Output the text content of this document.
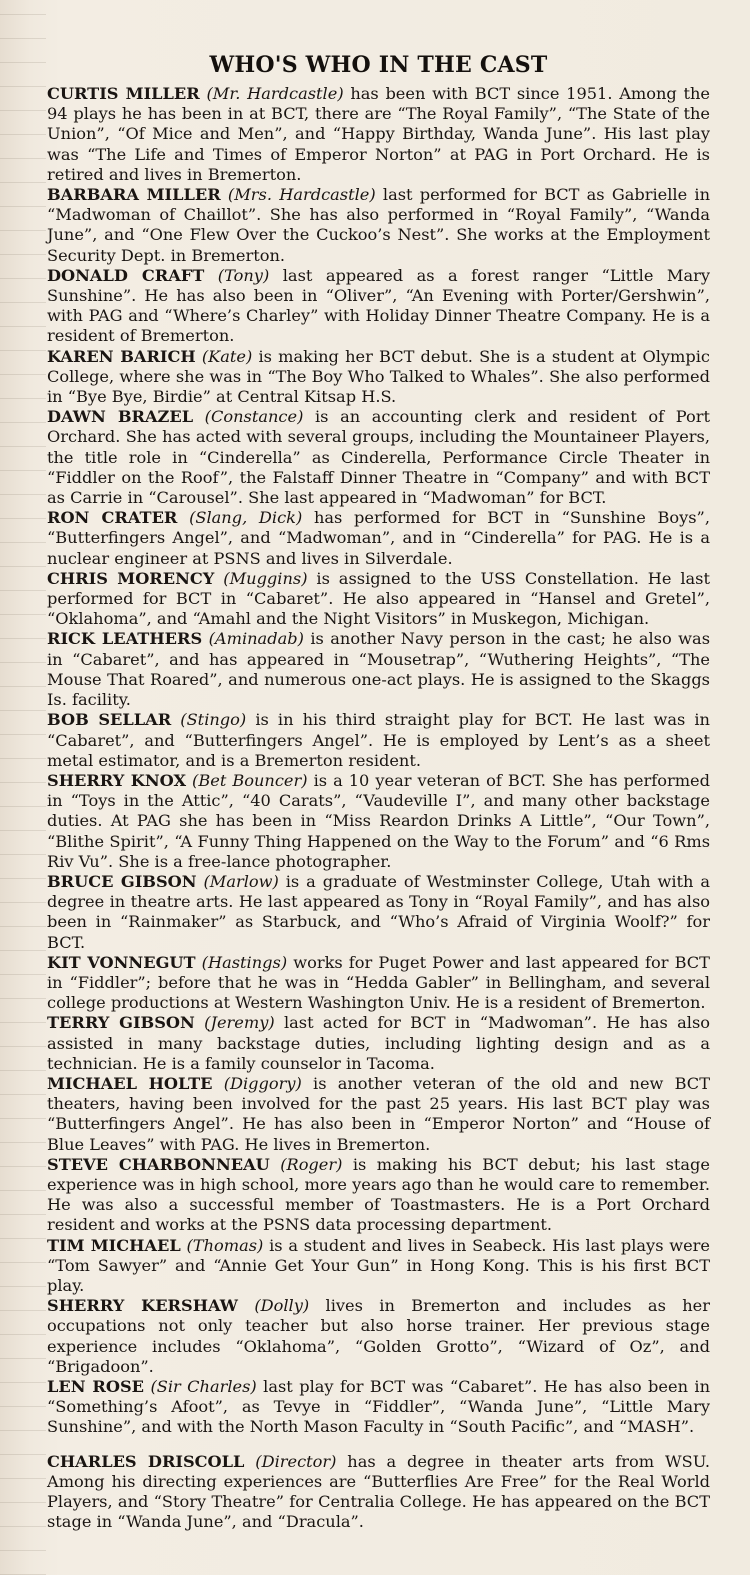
WHO'S WHO IN THE CAST

CURTIS MILLER (Mr. Hardcastle) has been with BCT since 1951. Among the 94 plays he has been in at BCT, there are “The Royal Family”, “The State of the Union”, “Of Mice and Men”, and “Happy Birthday, Wanda June”. His last play was “The Life and Times of Emperor Norton” at PAG in Port Orchard. He is retired and lives in Bremerton.

BARBARA MILLER (Mrs. Hardcastle) last performed for BCT as Gabrielle in “Madwoman of Chaillot”. She has also performed in “Royal Family”, “Wanda June”, and “One Flew Over the Cuckoo’s Nest”. She works at the Employment Security Dept. in Bremerton.

DONALD CRAFT (Tony) last appeared as a forest ranger “Little Mary Sunshine”. He has also been in “Oliver”, “An Evening with Porter/Gershwin”, with PAG and “Where’s Charley” with Holiday Dinner Theatre Company. He is a resident of Bremerton.

KAREN BARICH (Kate) is making her BCT debut. She is a student at Olympic College, where she was in “The Boy Who Talked to Whales”. She also performed in “Bye Bye, Birdie” at Central Kitsap H.S.

DAWN BRAZEL (Constance) is an accounting clerk and resident of Port Orchard. She has acted with several groups, including the Mountaineer Players, the title role in “Cinderella” as Cinderella, Performance Circle Theater in “Fiddler on the Roof”, the Falstaff Dinner Theatre in “Company” and with BCT as Carrie in “Carousel”. She last appeared in “Madwoman” for BCT.

RON CRATER (Slang, Dick) has performed for BCT in “Sunshine Boys”, “Butterfingers Angel”, and “Madwoman”, and in “Cinderella” for PAG. He is a nuclear engineer at PSNS and lives in Silverdale.

CHRIS MORENCY (Muggins) is assigned to the USS Constellation. He last performed for BCT in “Cabaret”. He also appeared in “Hansel and Gretel”, “Oklahoma”, and “Amahl and the Night Visitors” in Muskegon, Michigan.

RICK LEATHERS (Aminadab) is another Navy person in the cast; he also was in “Cabaret”, and has appeared in “Mousetrap”, “Wuthering Heights”, “The Mouse That Roared”, and numerous one-act plays. He is assigned to the Skaggs Is. facility.

BOB SELLAR (Stingo) is in his third straight play for BCT. He last was in “Cabaret”, and “Butterfingers Angel”. He is employed by Lent’s as a sheet metal estimator, and is a Bremerton resident.

SHERRY KNOX (Bet Bouncer) is a 10 year veteran of BCT. She has performed in “Toys in the Attic”, “40 Carats”, “Vaudeville I”, and many other backstage duties. At PAG she has been in “Miss Reardon Drinks A Little”, “Our Town”, “Blithe Spirit”, “A Funny Thing Happened on the Way to the Forum” and “6 Rms Riv Vu”. She is a free-lance photographer.

BRUCE GIBSON (Marlow) is a graduate of Westminster College, Utah with a degree in theatre arts. He last appeared as Tony in “Royal Family”, and has also been in “Rainmaker” as Starbuck, and “Who’s Afraid of Virginia Woolf?” for BCT.

KIT VONNEGUT (Hastings) works for Puget Power and last appeared for BCT in “Fiddler”; before that he was in “Hedda Gabler” in Bellingham, and several college productions at Western Washington Univ. He is a resident of Bremerton.

TERRY GIBSON (Jeremy) last acted for BCT in “Madwoman”. He has also assisted in many backstage duties, including lighting design and as a technician. He is a family counselor in Tacoma.

MICHAEL HOLTE (Diggory) is another veteran of the old and new BCT theaters, having been involved for the past 25 years. His last BCT play was “Butterfingers Angel”. He has also been in “Emperor Norton” and “House of Blue Leaves” with PAG. He lives in Bremerton.

STEVE CHARBONNEAU (Roger) is making his BCT debut; his last stage experience was in high school, more years ago than he would care to remember. He was also a successful member of Toastmasters. He is a Port Orchard resident and works at the PSNS data processing department.

TIM MICHAEL (Thomas) is a student and lives in Seabeck. His last plays were “Tom Sawyer” and “Annie Get Your Gun” in Hong Kong. This is his first BCT play.

SHERRY KERSHAW (Dolly) lives in Bremerton and includes as her occupations not only teacher but also horse trainer. Her previous stage experience includes “Oklahoma”, “Golden Grotto”, “Wizard of Oz”, and “Brigadoon”.

LEN ROSE (Sir Charles) last play for BCT was “Cabaret”. He has also been in “Something’s Afoot”, as Tevye in “Fiddler”, “Wanda June”, “Little Mary Sunshine”, and with the North Mason Faculty in “South Pacific”, and “MASH”.

CHARLES DRISCOLL (Director) has a degree in theater arts from WSU. Among his directing experiences are “Butterflies Are Free” for the Real World Players, and “Story Theatre” for Centralia College. He has appeared on the BCT stage in “Wanda June”, and “Dracula”.
